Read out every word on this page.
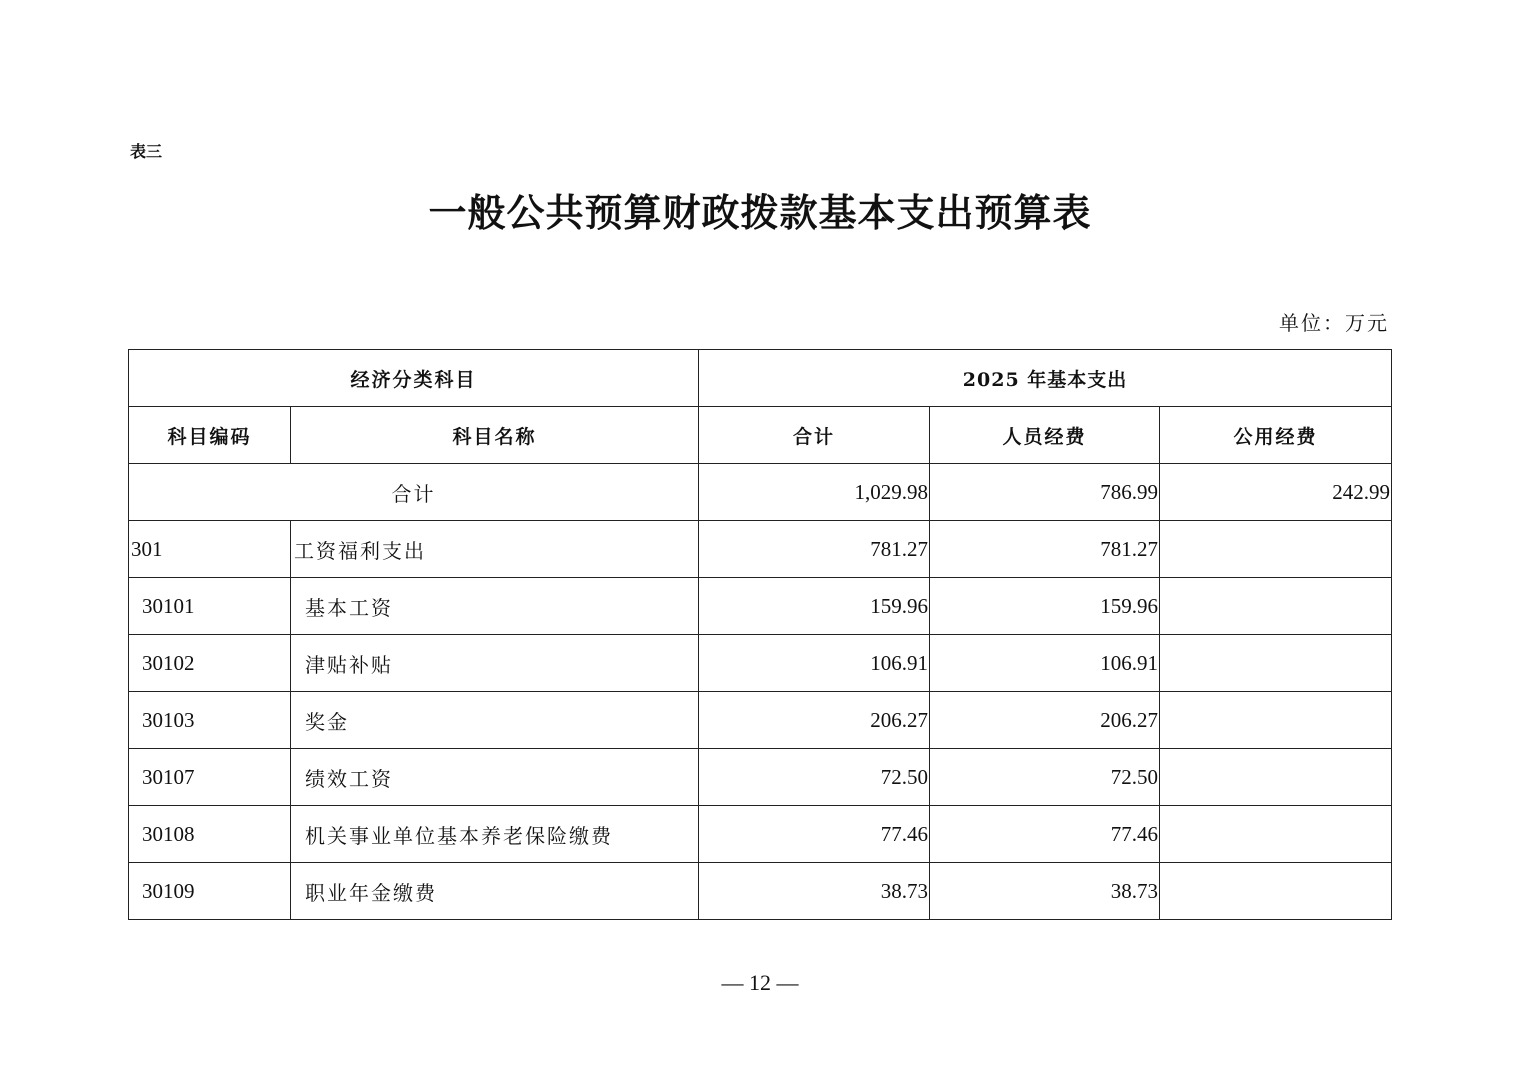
表三
一般公共预算财政拨款基本支出预算表
单位：万元
经济分类科目		2025 年基本支出		
科目编码	科目名称	合计	人员经费	公用经费
合计		1,029.98	786.99	242.99
301	工资福利支出	781.27	781.27	
30101	基本工资	159.96	159.96	
30102	津贴补贴	106.91	106.91	
30103	奖金	206.27	206.27	
30107	绩效工资	72.50	72.50	
30108	机关事业单位基本养老保险缴费	77.46	77.46	
30109	职业年金缴费	38.73	38.73	
— 12 —
